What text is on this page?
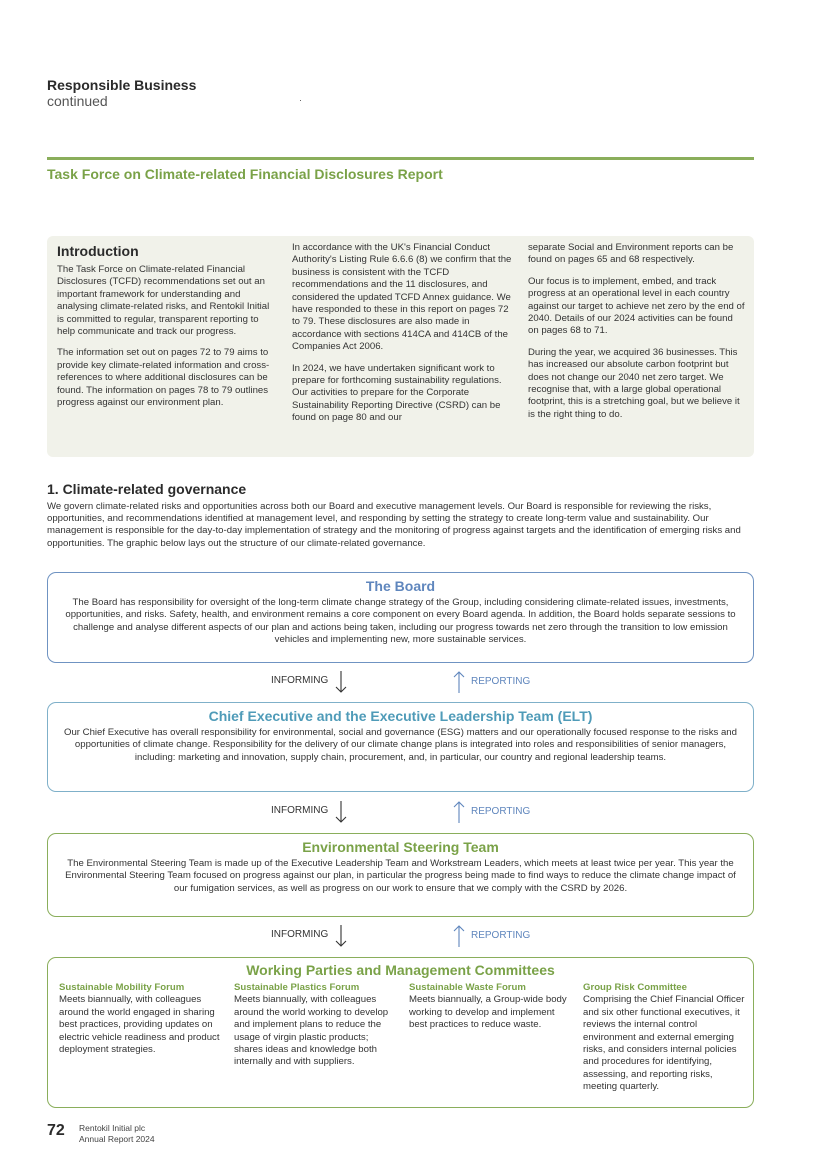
Responsible Business
continued
Task Force on Climate-related Financial Disclosures Report
Introduction

The Task Force on Climate-related Financial Disclosures (TCFD) recommendations set out an important framework for understanding and analysing climate-related risks, and Rentokil Initial is committed to regular, transparent reporting to help communicate and track our progress.

The information set out on pages 72 to 79 aims to provide key climate-related information and cross-references to where additional disclosures can be found. The information on pages 78 to 79 outlines progress against our environment plan.

In accordance with the UK's Financial Conduct Authority's Listing Rule 6.6.6 (8) we confirm that the business is consistent with the TCFD recommendations and the 11 disclosures, and considered the updated TCFD Annex guidance. We have responded to these in this report on pages 72 to 79. These disclosures are also made in accordance with sections 414CA and 414CB of the Companies Act 2006.

In 2024, we have undertaken significant work to prepare for forthcoming sustainability regulations. Our activities to prepare for the Corporate Sustainability Reporting Directive (CSRD) can be found on page 80 and our

separate Social and Environment reports can be found on pages 65 and 68 respectively.

Our focus is to implement, embed, and track progress at an operational level in each country against our target to achieve net zero by the end of 2040. Details of our 2024 activities can be found on pages 68 to 71.

During the year, we acquired 36 businesses. This has increased our absolute carbon footprint but does not change our 2040 net zero target. We recognise that, with a large global operational footprint, this is a stretching goal, but we believe it is the right thing to do.

1. Climate-related governance
We govern climate-related risks and opportunities across both our Board and executive management levels. Our Board is responsible for reviewing the risks, opportunities, and recommendations identified at management level, and responding by setting the strategy to create long-term value and sustainability. Our management is responsible for the day-to-day implementation of strategy and the monitoring of progress against targets and the identification of emerging risks and opportunities. The graphic below lays out the structure of our climate-related governance.
The Board

The Board has responsibility for oversight of the long-term climate change strategy of the Group, including considering climate-related issues, investments, opportunities, and risks. Safety, health, and environment remains a core component on every Board agenda. In addition, the Board holds separate sessions to challenge and analyse different aspects of our plan and actions being taken, including our progress towards net zero through the transition to low emission vehicles and implementing new, more sustainable services.

INFORMING	REPORTING
Chief Executive and the Executive Leadership Team (ELT)

Our Chief Executive has overall responsibility for environmental, social and governance (ESG) matters and our operationally focused response to the risks and opportunities of climate change. Responsibility for the delivery of our climate change plans is integrated into roles and responsibilities of senior managers, including: marketing and innovation, supply chain, procurement, and, in particular, our country and regional leadership teams.

INFORMING	REPORTING
Environmental Steering Team

The Environmental Steering Team is made up of the Executive Leadership Team and Workstream Leaders, which meets at least twice per year. This year the Environmental Steering Team focused on progress against our plan, in particular the progress being made to find ways to reduce the climate change impact of our fumigation services, as well as progress on our work to ensure that we comply with the CSRD by 2026.

INFORMING	REPORTING
Working Parties and Management Committees
Sustainable Mobility Forum
Meets biannually, with colleagues around the world engaged in sharing best practices, providing updates on electric vehicle readiness and product deployment strategies.
Sustainable Plastics Forum
Meets biannually, with colleagues around the world working to develop and implement plans to reduce the usage of virgin plastic products; shares ideas and knowledge both internally and with suppliers.
Sustainable Waste Forum
Meets biannually, a Group-wide body working to develop and implement best practices to reduce waste.
Group Risk Committee
Comprising the Chief Financial Officer and six other functional executives, it reviews the internal control environment and external emerging risks, and considers internal policies and procedures for identifying, assessing, and reporting risks, meeting quarterly.
72 Rentokil Initial plc
Annual Report 2024
